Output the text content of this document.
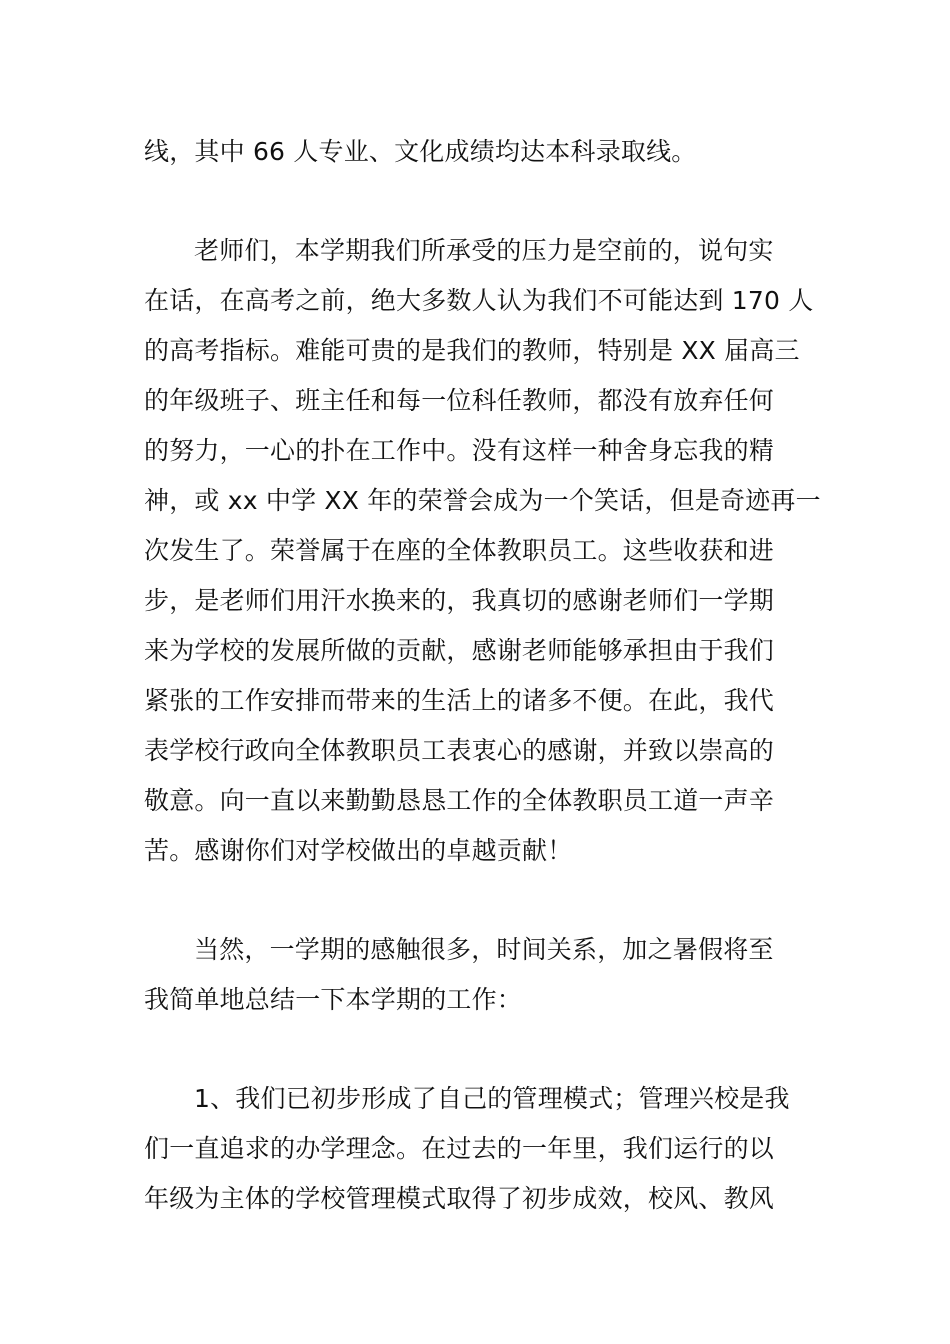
线，其中 66 人专业、文化成绩均达本科录取线。
老师们，本学期我们所承受的压力是空前的，说句实
在话，在高考之前，绝大多数人认为我们不可能达到 170 人
的高考指标。难能可贵的是我们的教师，特别是 XX 届高三
的年级班子、班主任和每一位科任教师，都没有放弃任何
的努力，一心的扑在工作中。没有这样一种舍身忘我的精
神，或 xx 中学 XX 年的荣誉会成为一个笑话，但是奇迹再一
次发生了。荣誉属于在座的全体教职员工。这些收获和进
步，是老师们用汗水换来的，我真切的感谢老师们一学期
来为学校的发展所做的贡献，感谢老师能够承担由于我们
紧张的工作安排而带来的生活上的诸多不便。在此，我代
表学校行政向全体教职员工表衷心的感谢，并致以崇高的
敬意。向一直以来勤勤恳恳工作的全体教职员工道一声辛
苦。感谢你们对学校做出的卓越贡献！
当然，一学期的感触很多，时间关系，加之暑假将至
我简单地总结一下本学期的工作：
1、我们已初步形成了自己的管理模式；管理兴校是我
们一直追求的办学理念。在过去的一年里，我们运行的以
年级为主体的学校管理模式取得了初步成效，校风、教风
